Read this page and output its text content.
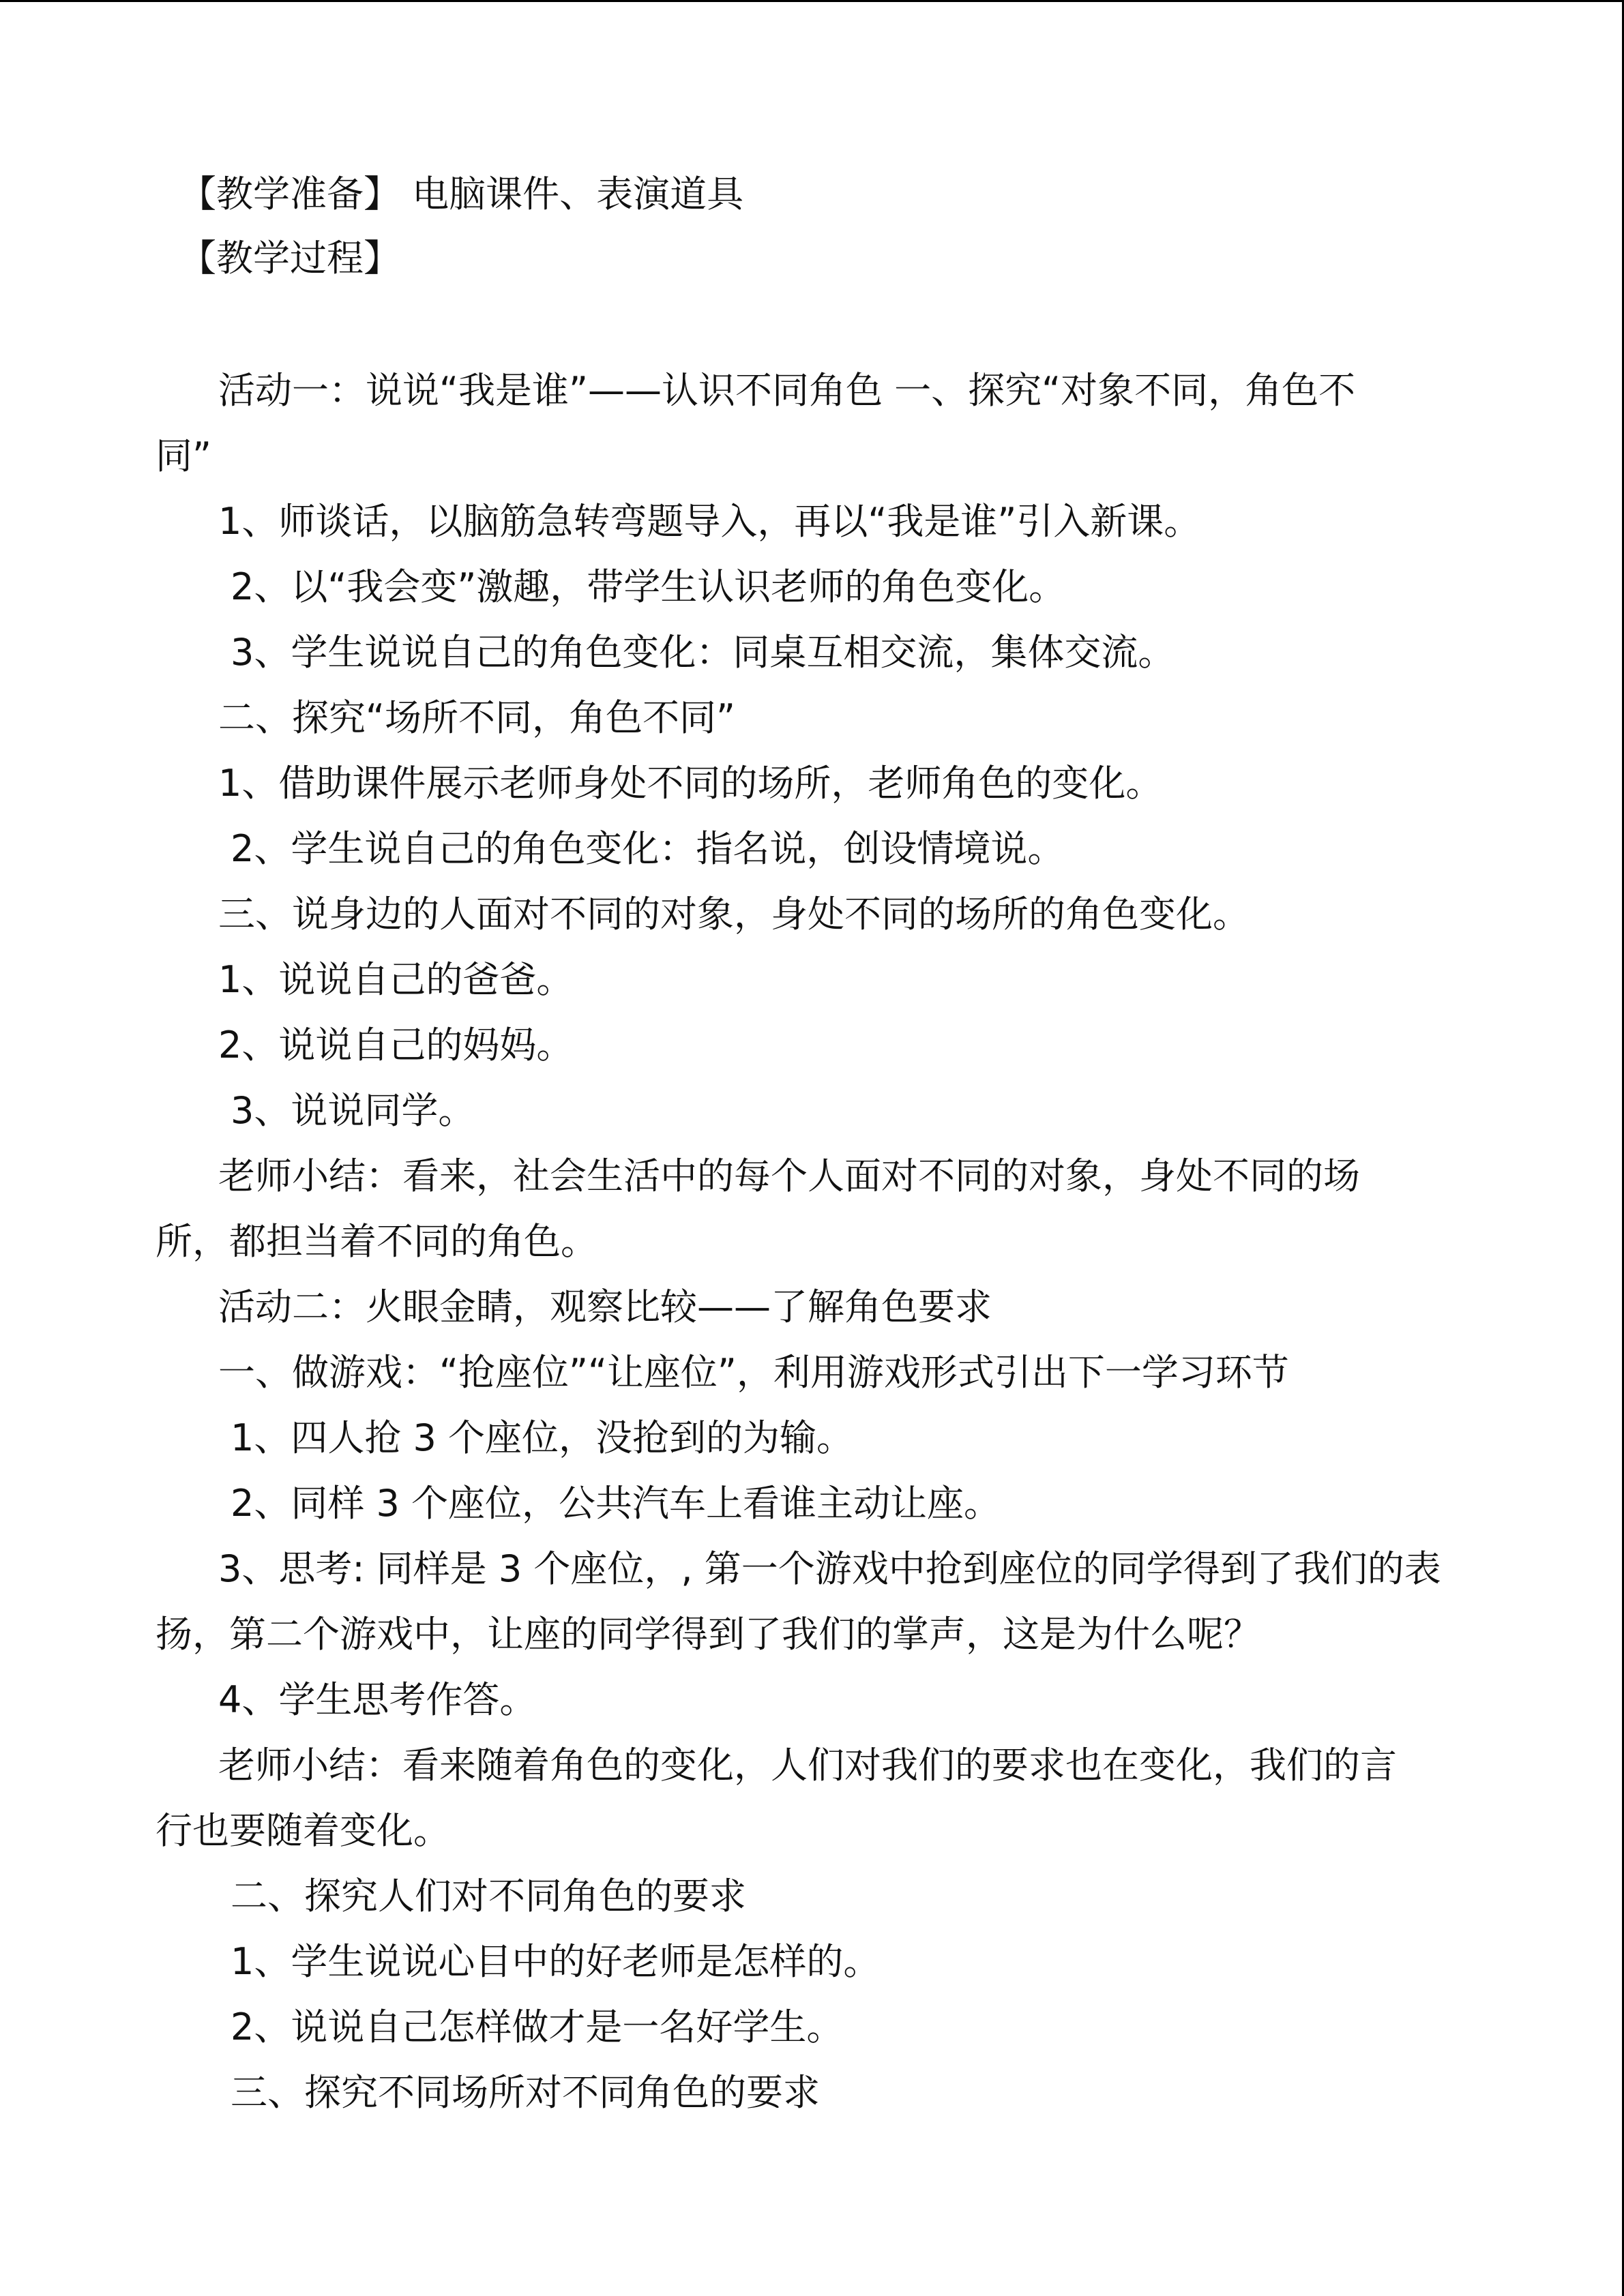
【教学准备】 电脑课件、表演道具
【教学过程】
活动一：说说“我是谁”——认识不同角色 一、探究“对象不同，角色不
同”
1、师谈话，以脑筋急转弯题导入，再以“我是谁”引入新课。
2、以“我会变”激趣，带学生认识老师的角色变化。
3、学生说说自己的角色变化：同桌互相交流，集体交流。
二、探究“场所不同，角色不同”
1、借助课件展示老师身处不同的场所，老师角色的变化。
2、学生说自己的角色变化：指名说，创设情境说。
三、说身边的人面对不同的对象，身处不同的场所的角色变化。
1、说说自己的爸爸。
2、说说自己的妈妈。
3、说说同学。
老师小结：看来，社会生活中的每个人面对不同的对象，身处不同的场
所，都担当着不同的角色。
活动二：火眼金睛，观察比较——了解角色要求
一、做游戏：“抢座位”“让座位”，利用游戏形式引出下一学习环节
1、四人抢 3 个座位，没抢到的为输。
2、同样 3 个座位，公共汽车上看谁主动让座。
3、思考: 同样是 3 个座位，, 第一个游戏中抢到座位的同学得到了我们的表
扬，第二个游戏中，让座的同学得到了我们的掌声，这是为什么呢？
4、学生思考作答。
老师小结：看来随着角色的变化，人们对我们的要求也在变化，我们的言
行也要随着变化。
二、探究人们对不同角色的要求
1、学生说说心目中的好老师是怎样的。
2、说说自己怎样做才是一名好学生。
三、探究不同场所对不同角色的要求
